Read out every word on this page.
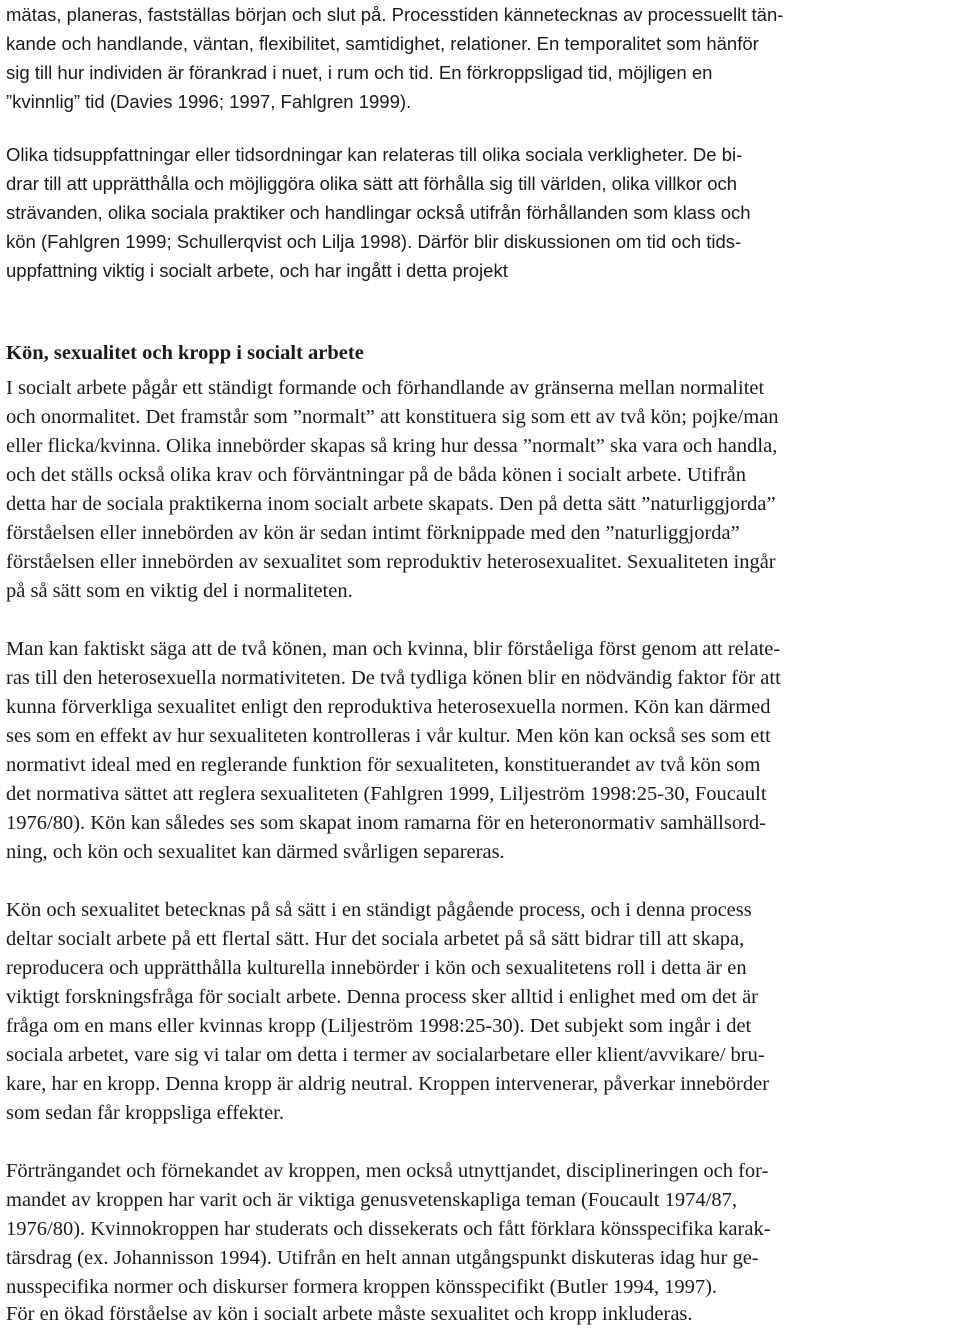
mätas, planeras, fastställas början och slut på. Processtiden kännetecknas av processuellt tän-
kande och handlande, väntan, flexibilitet, samtidighet, relationer. En temporalitet som hänför
sig till hur individen är förankrad i nuet, i rum och tid. En förkroppsligad tid, möjligen en
”kvinnlig” tid (Davies 1996; 1997, Fahlgren 1999).
Olika tidsuppfattningar eller tidsordningar kan relateras till olika sociala verkligheter. De bi-
drar till att upprätthålla och möjliggöra olika sätt att förhålla sig till världen, olika villkor och
strävanden, olika sociala praktiker och handlingar också utifrån förhållanden som klass och
kön (Fahlgren 1999; Schullerqvist och Lilja 1998). Därför blir diskussionen om tid och tids-
uppfattning viktig i socialt arbete, och har ingått i detta projekt
Kön, sexualitet och kropp i socialt arbete
I socialt arbete pågår ett ständigt formande och förhandlande av gränserna mellan normalitet
och onormalitet. Det framstår som ”normalt” att konstituera sig som ett av två kön; pojke/man
eller flicka/kvinna. Olika innebörder skapas så kring hur dessa ”normalt” ska vara och handla,
och det ställs också olika krav och förväntningar på de båda könen i socialt arbete. Utifrån
detta har de sociala praktikerna inom socialt arbete skapats. Den på detta sätt ”naturliggjorda”
förståelsen eller innebörden av kön är sedan intimt förknippade med den ”naturliggjorda”
förståelsen eller innebörden av sexualitet som reproduktiv heterosexualitet. Sexualiteten ingår
på så sätt som en viktig del i normaliteten.
Man kan faktiskt säga att de två könen, man och kvinna, blir förståeliga först genom att relate-
ras till den heterosexuella normativiteten. De två tydliga könen blir en nödvändig faktor för att
kunna förverkliga sexualitet enligt den reproduktiva heterosexuella normen. Kön kan därmed
ses som en effekt av hur sexualiteten kontrolleras i vår kultur. Men kön kan också ses som ett
normativt ideal med en reglerande funktion för sexualiteten, konstituerandet av två kön som
det normativa sättet att reglera sexualiteten (Fahlgren 1999, Liljeström 1998:25-30, Foucault
1976/80). Kön kan således ses som skapat inom ramarna för en heteronormativ samhällsord-
ning, och kön och sexualitet kan därmed svårligen separeras.
Kön och sexualitet betecknas på så sätt i en ständigt pågående process, och i denna process
deltar socialt arbete på ett flertal sätt. Hur det sociala arbetet på så sätt bidrar till att skapa,
reproducera och upprätthålla kulturella innebörder i kön och sexualitetens roll i detta är en
viktigt forskningsfråga för socialt arbete. Denna process sker alltid i enlighet med om det är
fråga om en mans eller kvinnas kropp (Liljeström 1998:25-30). Det subjekt som ingår i det
sociala arbetet, vare sig vi talar om detta i termer av socialarbetare eller klient/avvikare/ bru-
kare, har en kropp. Denna kropp är aldrig neutral. Kroppen intervenerar, påverkar innebörder
som sedan får kroppsliga effekter.
Förträngandet och förnekandet av kroppen, men också utnyttjandet, disciplineringen och for-
mandet av kroppen har varit och är viktiga genusvetenskapliga teman (Foucault 1974/87,
1976/80). Kvinnokroppen har studerats och dissekerats och fått förklara könsspecifika karak-
tärsdrag (ex. Johannisson 1994). Utifrån en helt annan utgångspunkt diskuteras idag hur ge-
nusspecifika normer och diskurser formera kroppen könsspecifikt (Butler 1994, 1997).
För en ökad förståelse av kön i socialt arbete måste sexualitet och kropp inkluderas.
